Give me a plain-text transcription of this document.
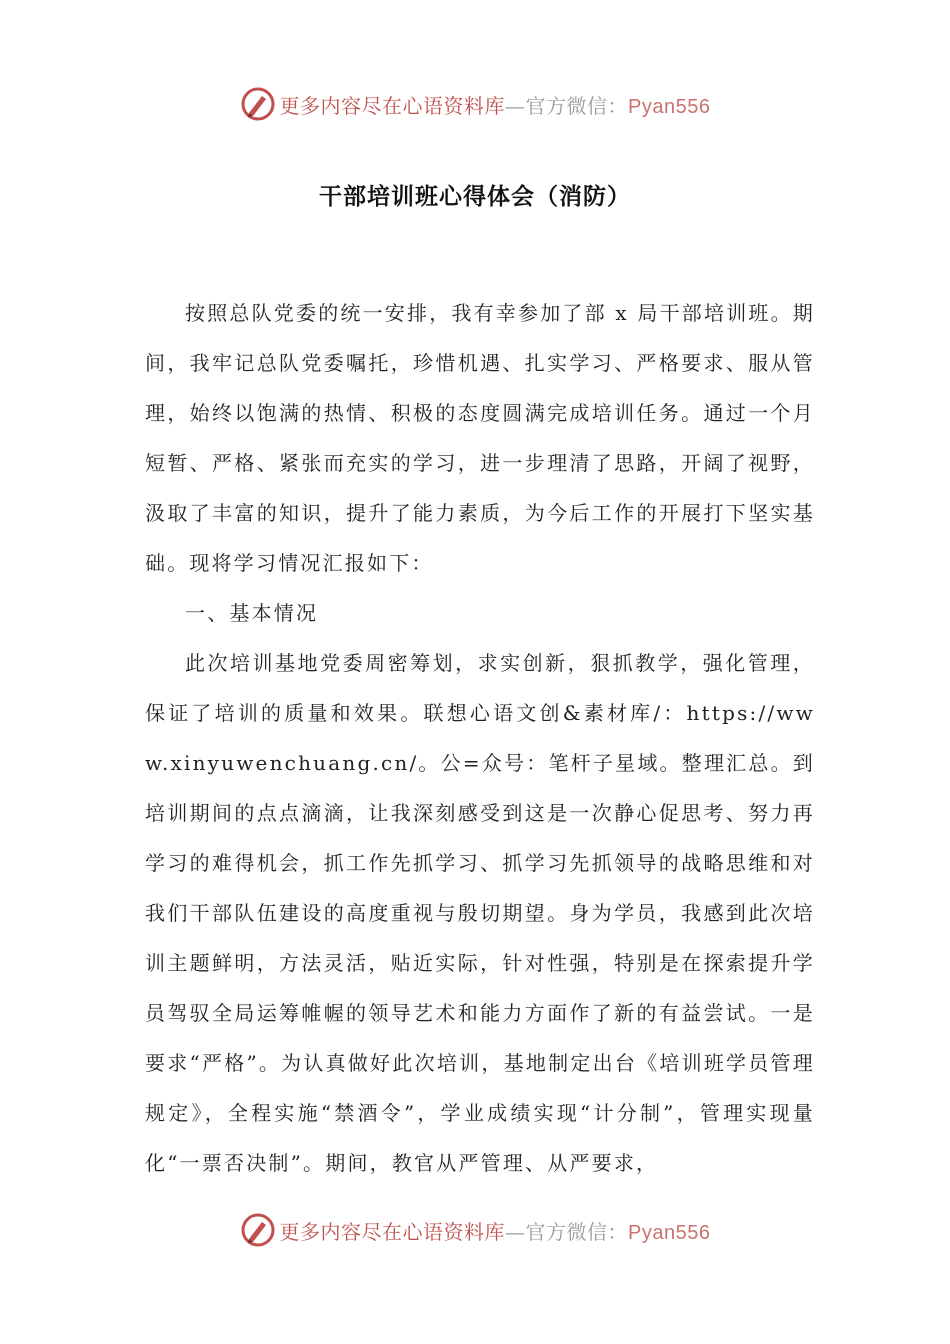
更多内容尽在心语资料库—官方微信：Pyan556
干部培训班心得体会（消防）

按照总队党委的统一安排，我有幸参加了部 x 局干部培训班。期间，我牢记总队党委嘱托，珍惜机遇、扎实学习、严格要求、服从管理，始终以饱满的热情、积极的态度圆满完成培训任务。通过一个月短暂、严格、紧张而充实的学习，进一步理清了思路，开阔了视野，汲取了丰富的知识，提升了能力素质，为今后工作的开展打下坚实基础。现将学习情况汇报如下：

一、基本情况

此次培训基地党委周密筹划，求实创新，狠抓教学，强化管理，保证了培训的质量和效果。联想心语文创&素材库/：https://www.xinyuwenchuang.cn/。公=众号：笔杆子星域。整理汇总。到培训期间的点点滴滴，让我深刻感受到这是一次静心促思考、努力再学习的难得机会，抓工作先抓学习、抓学习先抓领导的战略思维和对我们干部队伍建设的高度重视与殷切期望。身为学员，我感到此次培训主题鲜明，方法灵活，贴近实际，针对性强，特别是在探索提升学员驾驭全局运筹帷幄的领导艺术和能力方面作了新的有益尝试。一是要求“严格”。为认真做好此次培训，基地制定出台《培训班学员管理规定》，全程实施“禁酒令”，学业成绩实现“计分制”，管理实现量化“一票否决制”。期间，教官从严管理、从严要求，

更多内容尽在心语资料库—官方微信：Pyan556
